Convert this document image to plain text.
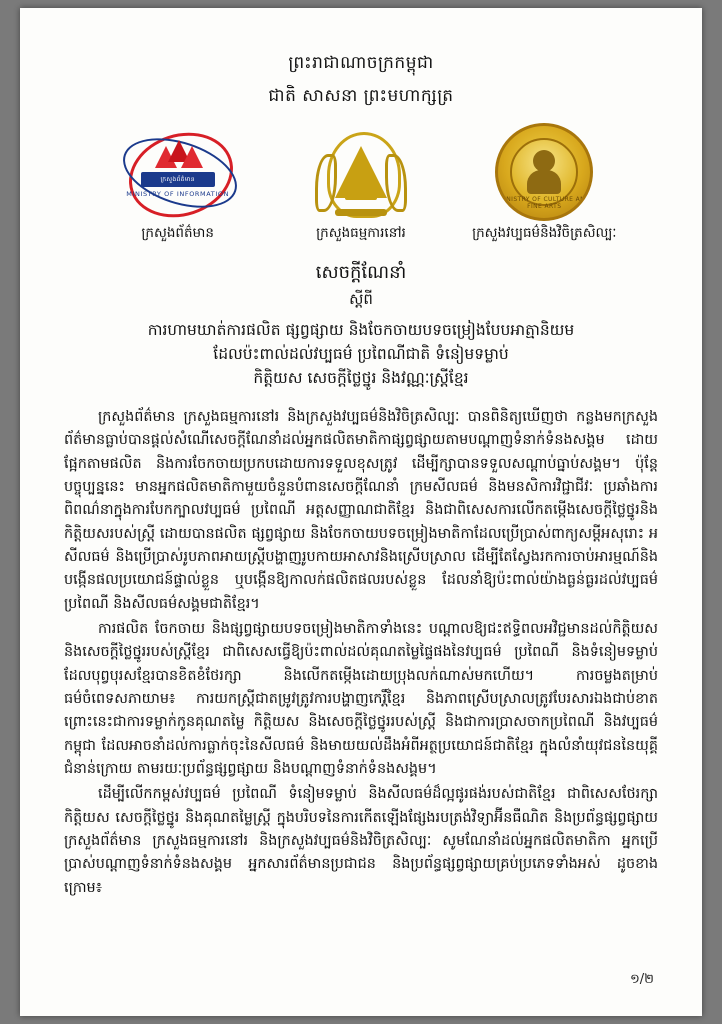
ព្រះរាជាណាចក្រកម្ពុជា
ជាតិ សាសនា ព្រះមហាក្សត្រ
ក្រសួងព័ត៌មាន
MINISTRY OF INFORMATION
ក្រសួងព័ត៌មាន	ក្រសួងធម្មការនៅរ
MINISTRY OF CULTURE AND FINE ARTS
ក្រសួងវប្បធម៌និងវិចិត្រសិល្បៈ
សេចក្ដីណែនាំ
ស្ដីពី
ការហាមឃាត់ការផលិត ផ្សព្វផ្សាយ និងចែកចាយបទចម្រៀងបែបអាត្មានិយម
ដែលប៉ះពាល់ដល់វប្បធម៌ ប្រពៃណីជាតិ ទំនៀមទម្លាប់
កិត្តិយស សេចក្ដីថ្លៃថ្នូរ និងវណ្ណៈស្រ្តីខ្មែរ

ក្រសួងព័ត៌មាន ក្រសួងធម្មការនៅរ និងក្រសួងវប្បធម៌និងវិចិត្រសិល្បៈ បានពិនិត្យឃើញថា កន្លងមកក្រសួងព័ត៌មានធ្លាប់បានផ្ដល់សំណើសេចក្ដីណែនាំដល់អ្នកផលិតមាតិកាផ្សព្វផ្សាយតាមបណ្ដាញទំនាក់ទំនងសង្គម ដោយផ្អែកតាមផលិត និងការចែកចាយប្រកបដោយការទទួលខុសត្រូវ ដើម្បីក្សាបានទទួលសណ្ដាប់ធ្នាប់សង្គម។ ប៉ុន្តែបច្ចុប្បន្ននេះ មានអ្នកផលិតមាតិកាមួយចំនួនបំពានសេចក្ដីណែនាំ ក្រមសីលធម៌ និងមនសិការវិជ្ជាជីវៈ ប្រឆាំងការពិពណ៌នាក្នុងការបែកក្បាលវប្បធម៌ ប្រពៃណី អត្តសញ្ញាណជាតិខ្មែរ និងជាពិសេសការលើកតម្កើងសេចក្ដីថ្លៃថ្នូរនិងកិត្តិយសរបស់ស្រ្តី ដោយបានផលិត ផ្សព្វផ្សាយ និងចែកចាយបទចម្រៀងមាតិកាដែលប្រើប្រាស់ពាក្យសម្ដីអសុរោះ អសីលធម៌ និងប្រើប្រាស់រូបភាពអាយស្រ្តីបង្ហាញរូបកាយអាសាវនិងស្រើបស្រាល ដើម្បីតែស្វែងរកការចាប់អារម្មណ៍និងបង្កើនផលប្រយោជន៍ផ្ទាល់ខ្លួន ឬបង្កើនឱ្យកាលក់ផលិតផលរបស់ខ្លួន ដែលនាំឱ្យប៉ះពាល់យ៉ាងធ្ងន់ធ្ងរដល់វប្បធម៌ ប្រពៃណី និងសីលធម៌សង្គមជាតិខ្មែរ។

ការផលិត ចែកចាយ និងផ្សព្វផ្សាយបទចម្រៀងមាតិកាទាំងនេះ បណ្ដាលឱ្យជះឥទ្ធិពលអវិជ្ជមានដល់កិត្តិយស និងសេចក្ដីថ្លៃថ្នូររបស់ស្រ្តីខ្មែរ ជាពិសេសធ្វើឱ្យប៉ះពាល់ដល់គុណតម្លៃផ្ទៃផងនៃវប្បធម៌ ប្រពៃណី និងទំនៀមទម្លាប់ ដែលបុព្វបុរសខ្មែរបានខិតខំថែរក្សា និងលើកតម្កើងដោយប្រុងលក់ណាស់មកហើយ។ ការចម្លងតម្រាប់ធម៌ចំពេទសភាយាម៖ ការយកស្រ្តីជាតម្រូវត្រូវការបង្ហាញកេរ្តិ៍ខ្មែរ និងភាពស្រើបស្រាលត្រូវបែរសារឯងជាប់ខាត ព្រោះនេះជាការទម្លាក់កូនគុណតម្លៃ កិត្តិយស និងសេចក្ដីថ្លៃថ្នូររបស់ស្រ្តី និងជាការប្រាសចាកប្រពៃណី និងវប្បធម៌កម្ពុជា ដែលអាចនាំដល់ការធ្លាក់ចុះនៃសីលធម៌ និងមាយយល់ដឹងអំពីអត្ថប្រយោជន៍ជាតិខ្មែរ ក្នុងលំនាំយុវជននៃយុគ្គីជំនាន់ក្រោយ តាមរយៈប្រព័ន្ធផ្សព្វផ្សាយ និងបណ្ដាញទំនាក់ទំនងសង្គម។

ដើម្បីលើកកម្ពស់វប្បធម៌ ប្រពៃណី ទំនៀមទម្លាប់ និងសីលធម៌ដ៏ល្អផូរផង់របស់ជាតិខ្មែរ ជាពិសេសថែរក្សាកិត្តិយស សេចក្ដីថ្លៃថ្នូរ និងគុណតម្លៃស្រ្តី ក្នុងបរិបទនៃការកើតឡើងផ្សែងរបត្រង់វិទ្យាអ៊ីនធឺណិត និងប្រព័ន្ធផ្សព្វផ្សាយ ក្រសួងព័ត៌មាន ក្រសួងធម្មការនៅរ និងក្រសួងវប្បធម៌និងវិចិត្រសិល្បៈ សូមណែនាំដល់អ្នកផលិតមាតិកា អ្នកប្រើប្រាស់បណ្ដាញទំនាក់ទំនងសង្គម អ្នកសារព័ត៌មានប្រជាជន និងប្រព័ន្ធផ្សព្វផ្សាយគ្រប់ប្រភេទទាំងអស់ ដូចខាងក្រោម៖

១/២
